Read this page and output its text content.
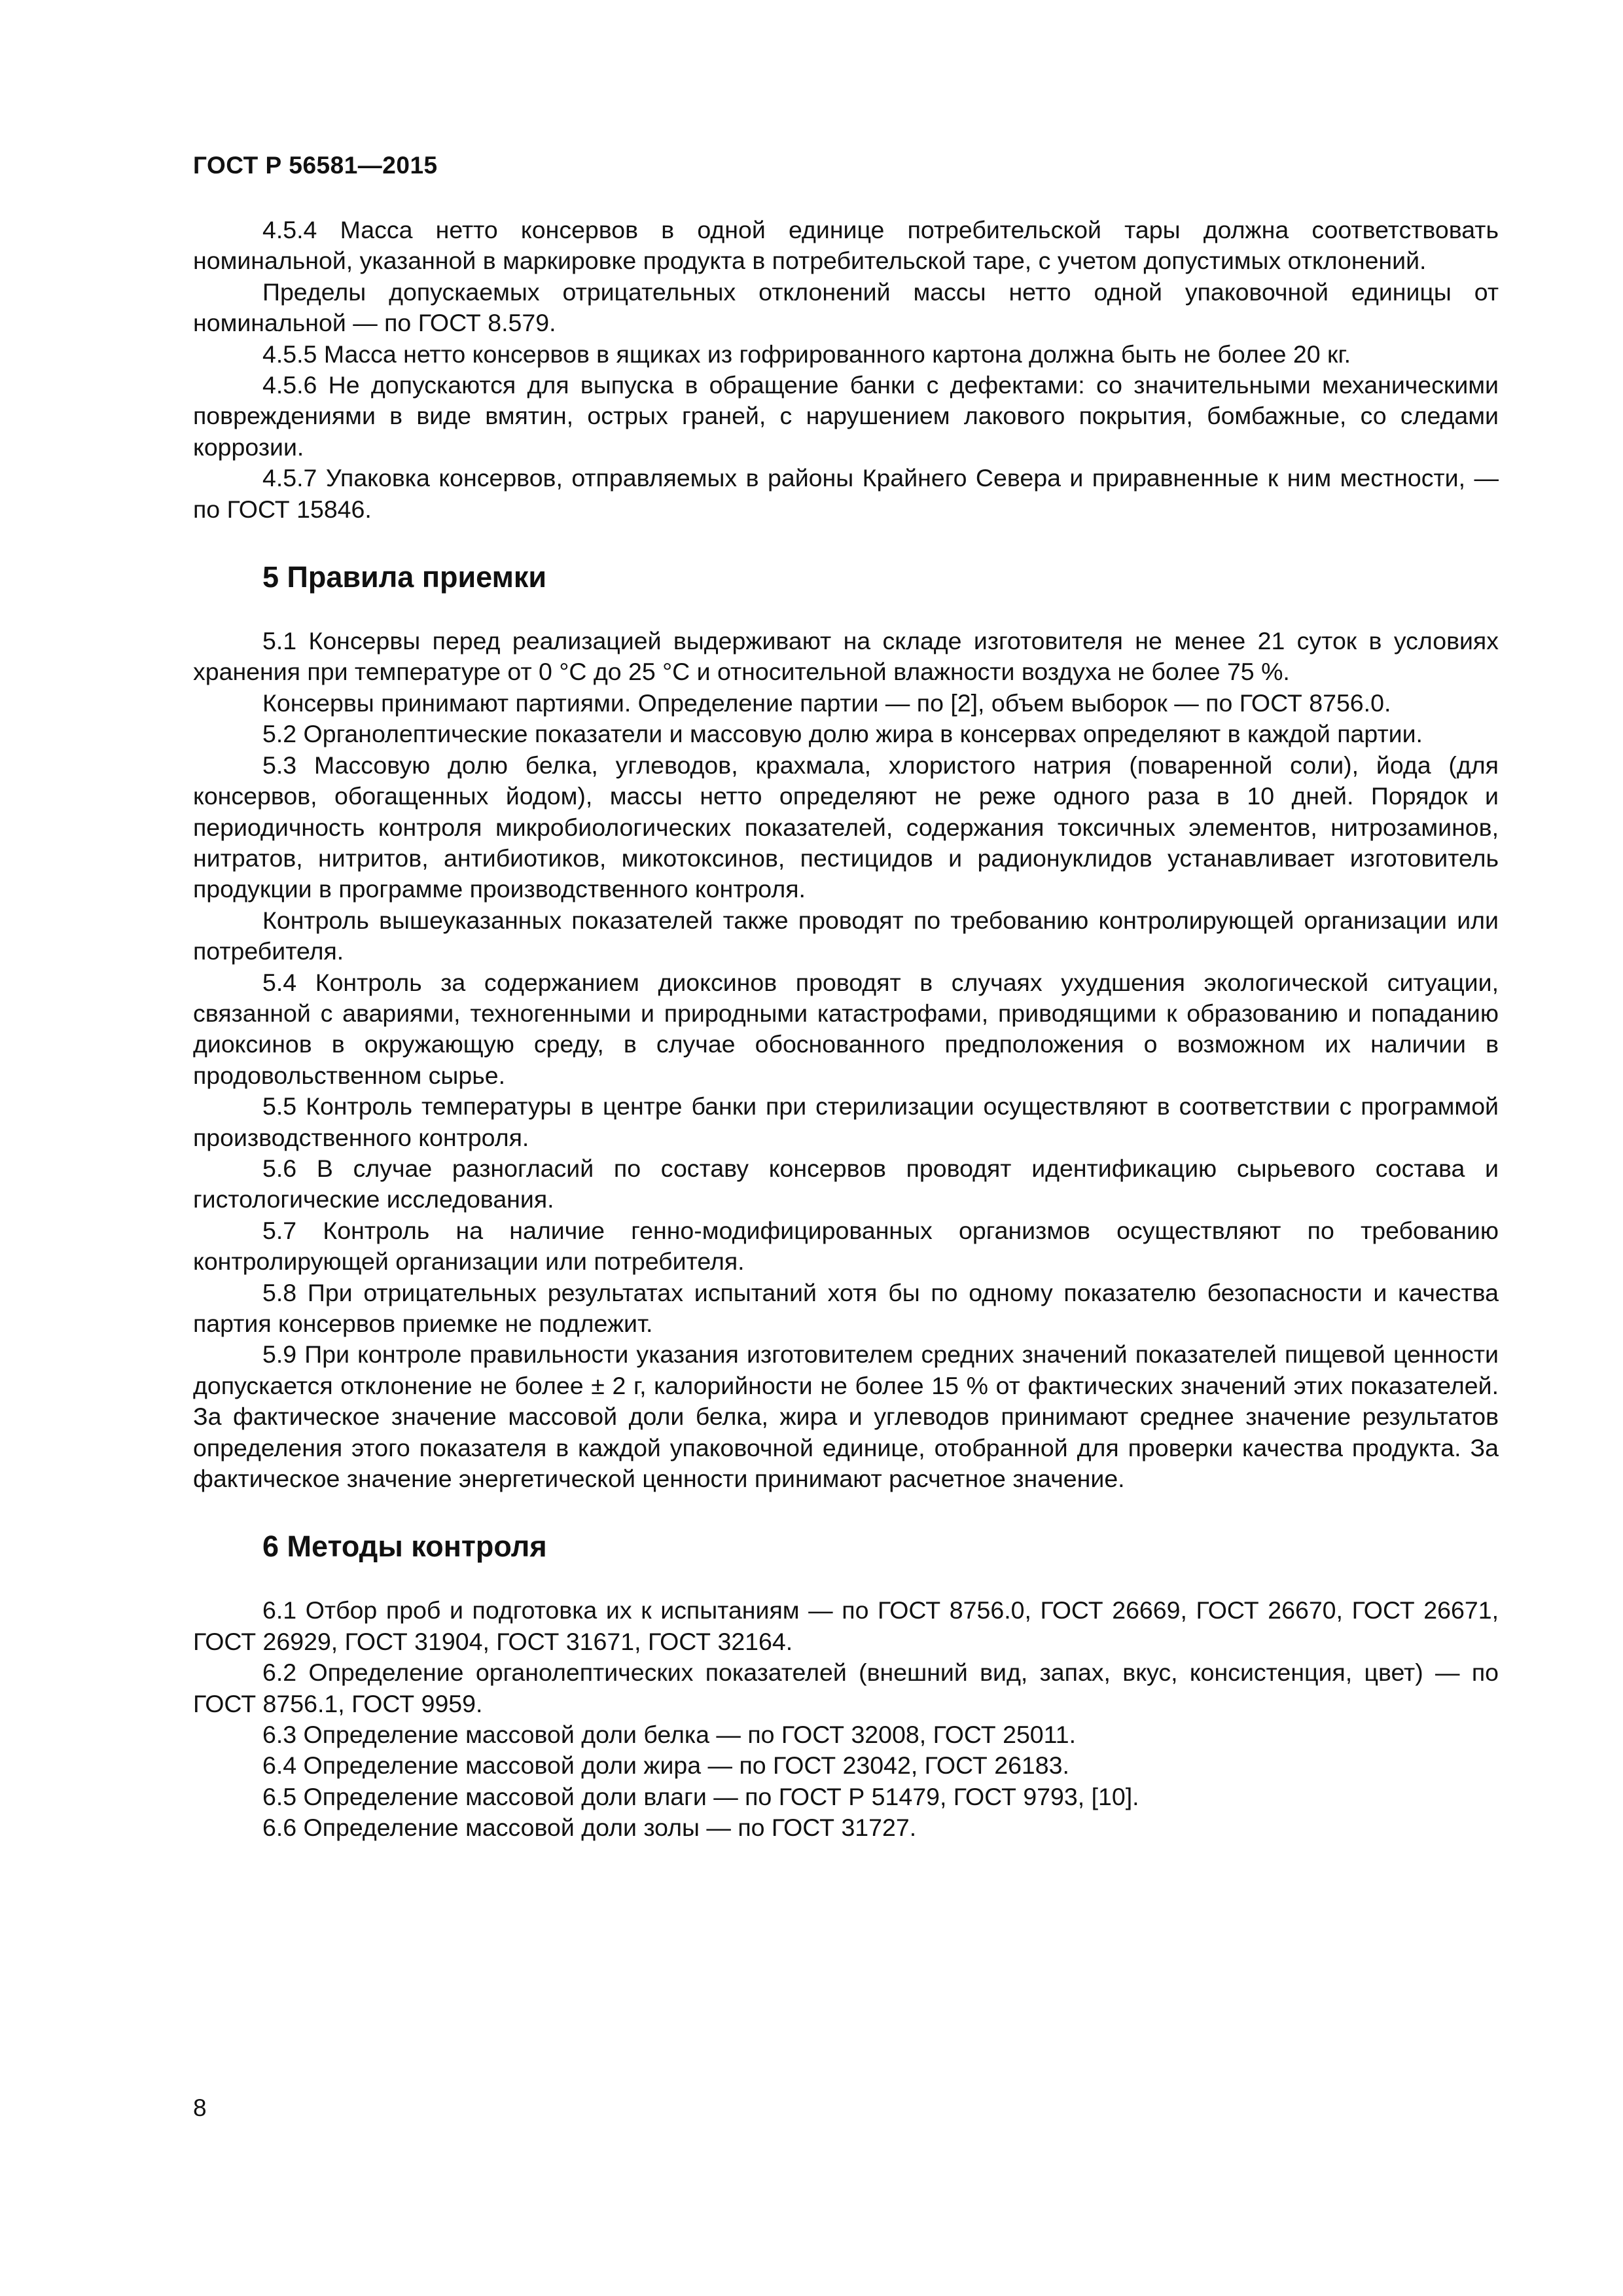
ГОСТ Р 56581—2015

4.5.4 Масса нетто консервов в одной единице потребительской тары должна соответствовать номинальной, указанной в маркировке продукта в потребительской таре, с учетом допустимых отклонений.

Пределы допускаемых отрицательных отклонений массы нетто одной упаковочной единицы от номинальной — по ГОСТ 8.579.

4.5.5 Масса нетто консервов в ящиках из гофрированного картона должна быть не более 20 кг.

4.5.6 Не допускаются для выпуска в обращение банки с дефектами: со значительными механическими повреждениями в виде вмятин, острых граней, с нарушением лакового покрытия, бомбажные, со следами коррозии.

4.5.7 Упаковка консервов, отправляемых в районы Крайнего Севера и приравненные к ним местности, — по ГОСТ 15846.

5 Правила приемки

5.1 Консервы перед реализацией выдерживают на складе изготовителя не менее 21 суток в условиях хранения при температуре от 0 °С до 25 °С и относительной влажности воздуха не более 75 %.

Консервы принимают партиями. Определение партии — по [2], объем выборок — по ГОСТ 8756.0.

5.2 Органолептические показатели и массовую долю жира в консервах определяют в каждой партии.

5.3 Массовую долю белка, углеводов, крахмала, хлористого натрия (поваренной соли), йода (для консервов, обогащенных йодом), массы нетто определяют не реже одного раза в 10 дней. Порядок и периодичность контроля микробиологических показателей, содержания токсичных элементов, нитрозаминов, нитратов, нитритов, антибиотиков, микотоксинов, пестицидов и радионуклидов устанавливает изготовитель продукции в программе производственного контроля.

Контроль вышеуказанных показателей также проводят по требованию контролирующей организации или потребителя.

5.4 Контроль за содержанием диоксинов проводят в случаях ухудшения экологической ситуации, связанной с авариями, техногенными и природными катастрофами, приводящими к образованию и попаданию диоксинов в окружающую среду, в случае обоснованного предположения о возможном их наличии в продовольственном сырье.

5.5 Контроль температуры в центре банки при стерилизации осуществляют в соответствии с программой производственного контроля.

5.6 В случае разногласий по составу консервов проводят идентификацию сырьевого состава и гистологические исследования.

5.7 Контроль на наличие генно-модифицированных организмов осуществляют по требованию контролирующей организации или потребителя.

5.8 При отрицательных результатах испытаний хотя бы по одному показателю безопасности и качества партия консервов приемке не подлежит.

5.9 При контроле правильности указания изготовителем средних значений показателей пищевой ценности допускается отклонение не более ± 2 г, калорийности не более 15 % от фактических значений этих показателей. За фактическое значение массовой доли белка, жира и углеводов принимают среднее значение результатов определения этого показателя в каждой упаковочной единице, отобранной для проверки качества продукта. За фактическое значение энергетической ценности принимают расчетное значение.

6 Методы контроля

6.1 Отбор проб и подготовка их к испытаниям — по ГОСТ 8756.0, ГОСТ 26669, ГОСТ 26670, ГОСТ 26671, ГОСТ 26929, ГОСТ 31904, ГОСТ 31671, ГОСТ 32164.

6.2 Определение органолептических показателей (внешний вид, запах, вкус, консистенция, цвет) — по ГОСТ 8756.1, ГОСТ 9959.

6.3 Определение массовой доли белка — по ГОСТ 32008, ГОСТ 25011.

6.4 Определение массовой доли жира — по ГОСТ 23042, ГОСТ 26183.

6.5 Определение массовой доли влаги — по ГОСТ Р 51479, ГОСТ 9793, [10].

6.6 Определение массовой доли золы — по ГОСТ 31727.

8
